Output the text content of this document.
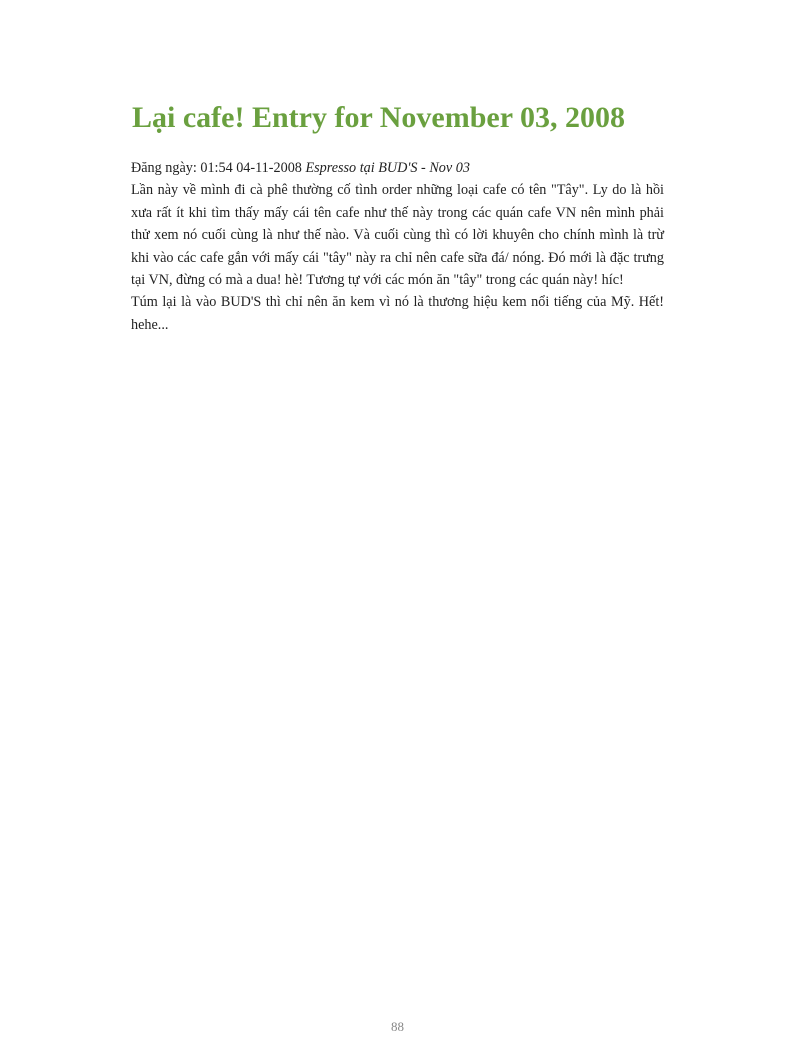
Lại cafe! Entry for November 03, 2008

Đăng ngày: 01:54 04-11-2008 Espresso tại BUD'S - Nov 03

Lần này về mình đi cà phê thường cố tình order những loại cafe có tên "Tây". Ly do là hồi xưa rất ít khi tìm thấy mấy cái tên cafe như thế này trong các quán cafe VN nên mình phải thử xem nó cuối cùng là như thế nào. Và cuối cùng thì có lời khuyên cho chính mình là trừ khi vào các cafe gắn với mấy cái "tây" này ra chỉ nên cafe sữa đá/ nóng. Đó mới là đặc trưng tại VN, đừng có mà a dua! hè! Tương tự với các món ăn "tây" trong các quán này! híc!

Túm lại là vào BUD'S thì chỉ nên ăn kem vì nó là thương hiệu kem nổi tiếng của Mỹ. Hết! hehe...

88
